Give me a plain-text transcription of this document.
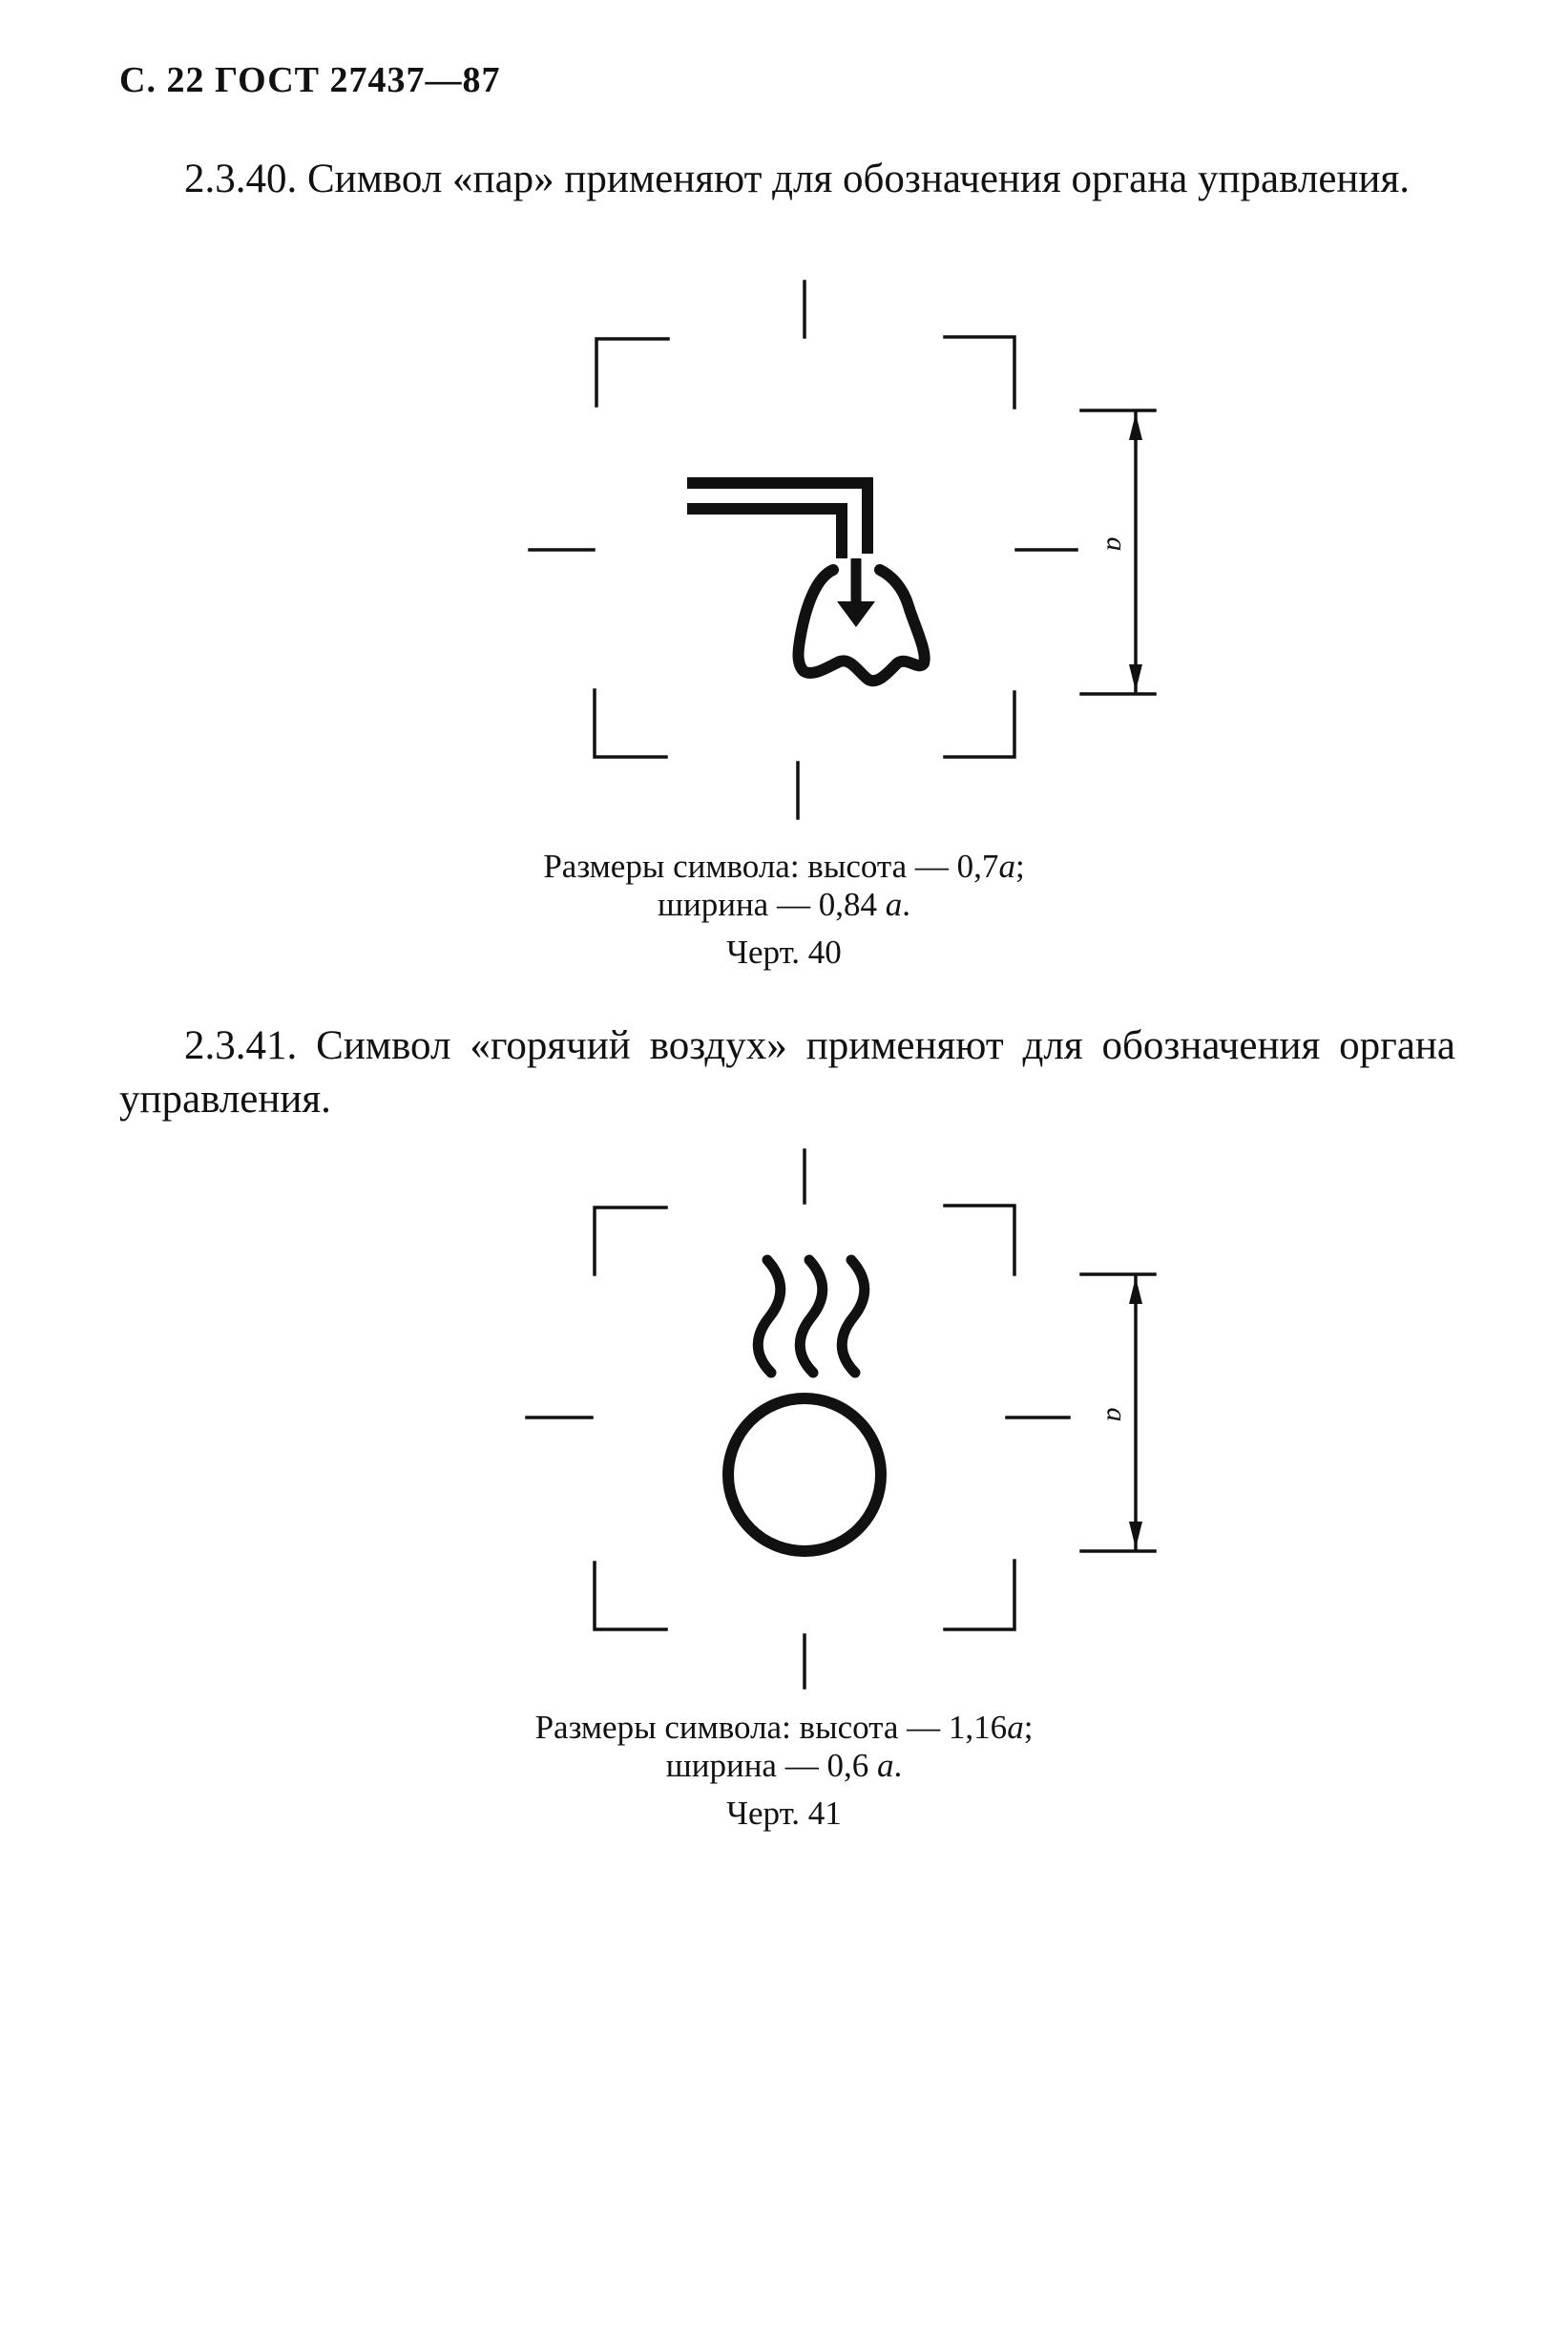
С. 22 ГОСТ 27437—87
2.3.40. Символ «пар» применяют для обозначения органа управления.
a
Размеры символа: высота — 0,7a;
ширина — 0,84 a.
Черт. 40
2.3.41. Символ «горячий воздух» применяют для обозначения органа управления.
a
Размеры символа: высота — 1,16a;
ширина — 0,6 a.
Черт. 41
